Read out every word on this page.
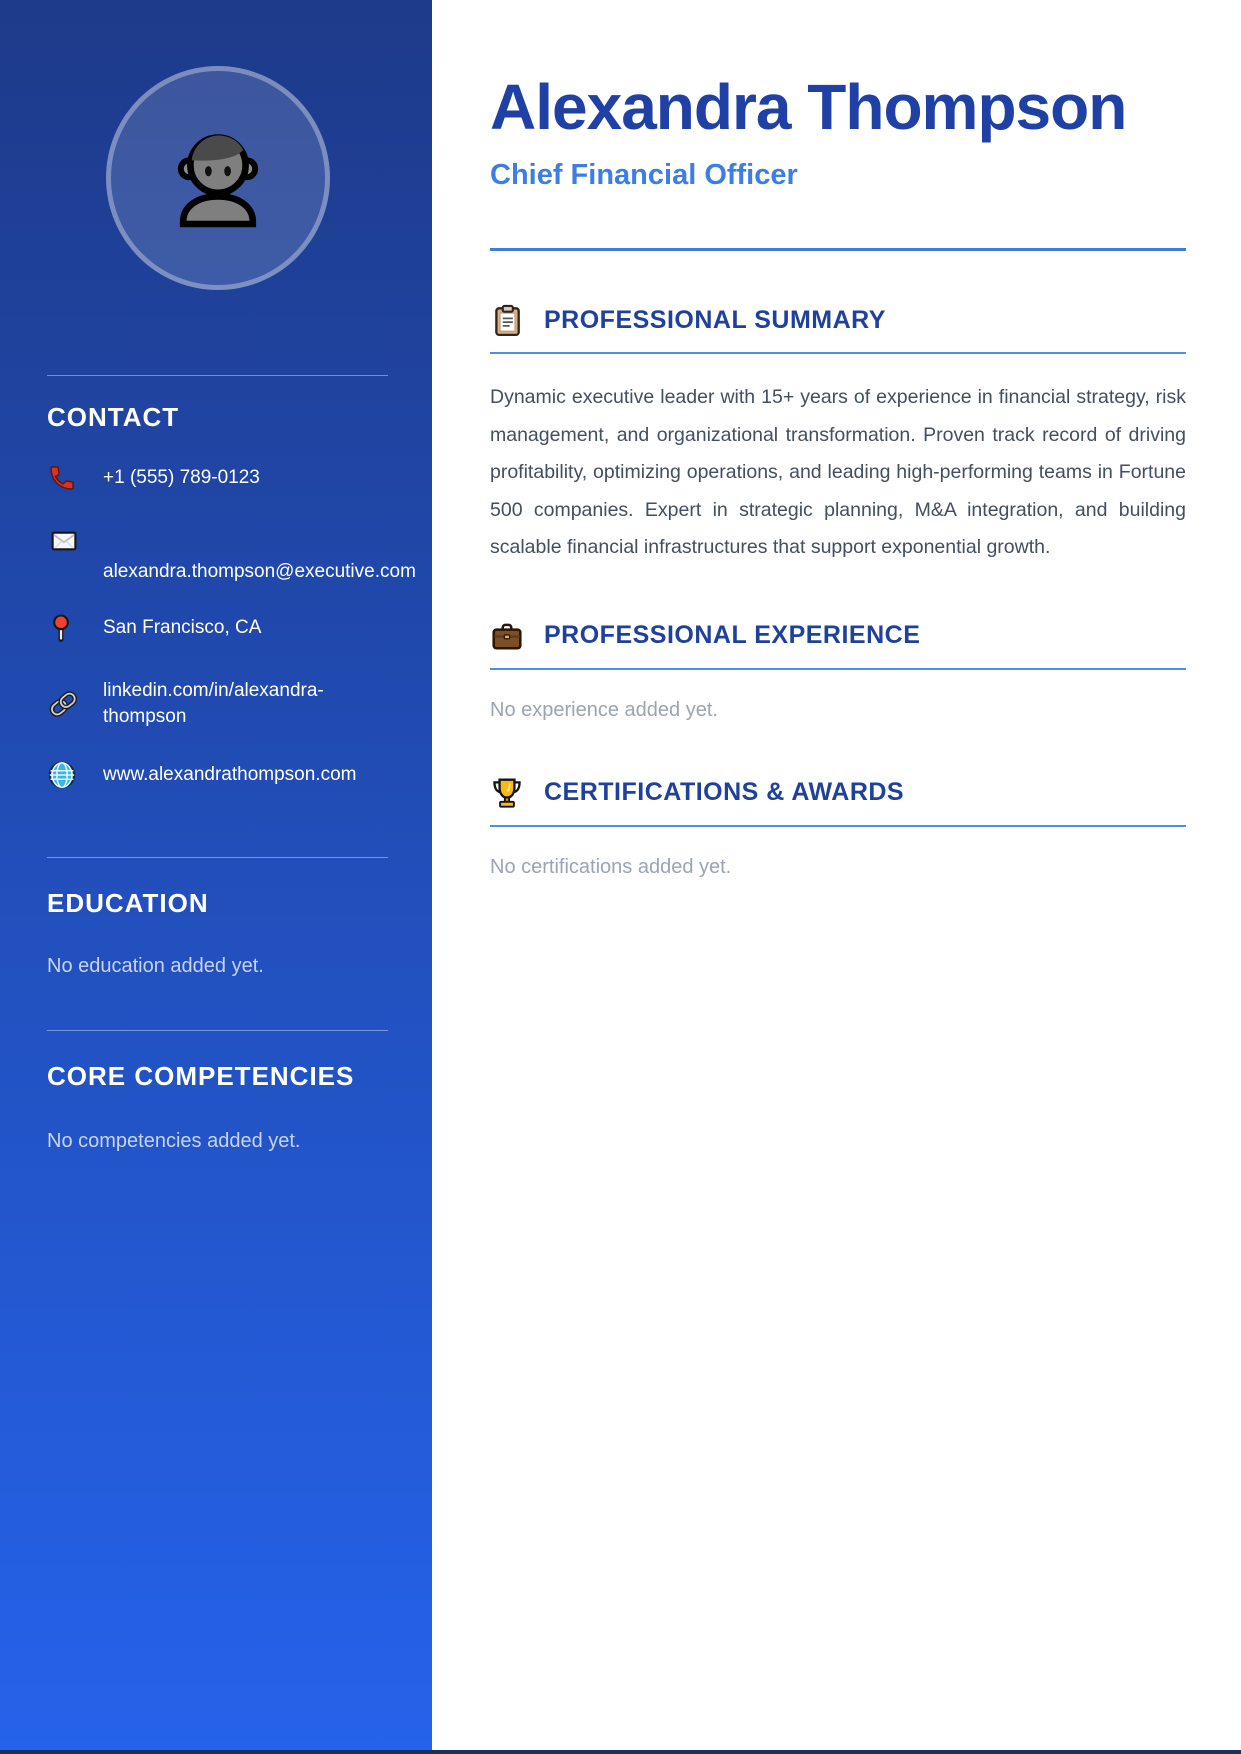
CONTACT
+1 (555) 789-0123
alexandra.thompson@executive.com
San Francisco, CA
linkedin.com/in/alexandra-thompson
www.alexandrathompson.com
EDUCATION

No education added yet.

CORE COMPETENCIES

No competencies added yet.

Alexandra Thompson
Chief Financial Officer
PROFESSIONAL SUMMARY

Dynamic executive leader with 15+ years of experience in financial strategy, risk management, and organizational transformation. Proven track record of driving profitability, optimizing operations, and leading high-performing teams in Fortune 500 companies. Expert in strategic planning, M&A integration, and building scalable financial infrastructures that support exponential growth.

PROFESSIONAL EXPERIENCE

No experience added yet.

CERTIFICATIONS & AWARDS

No certifications added yet.
